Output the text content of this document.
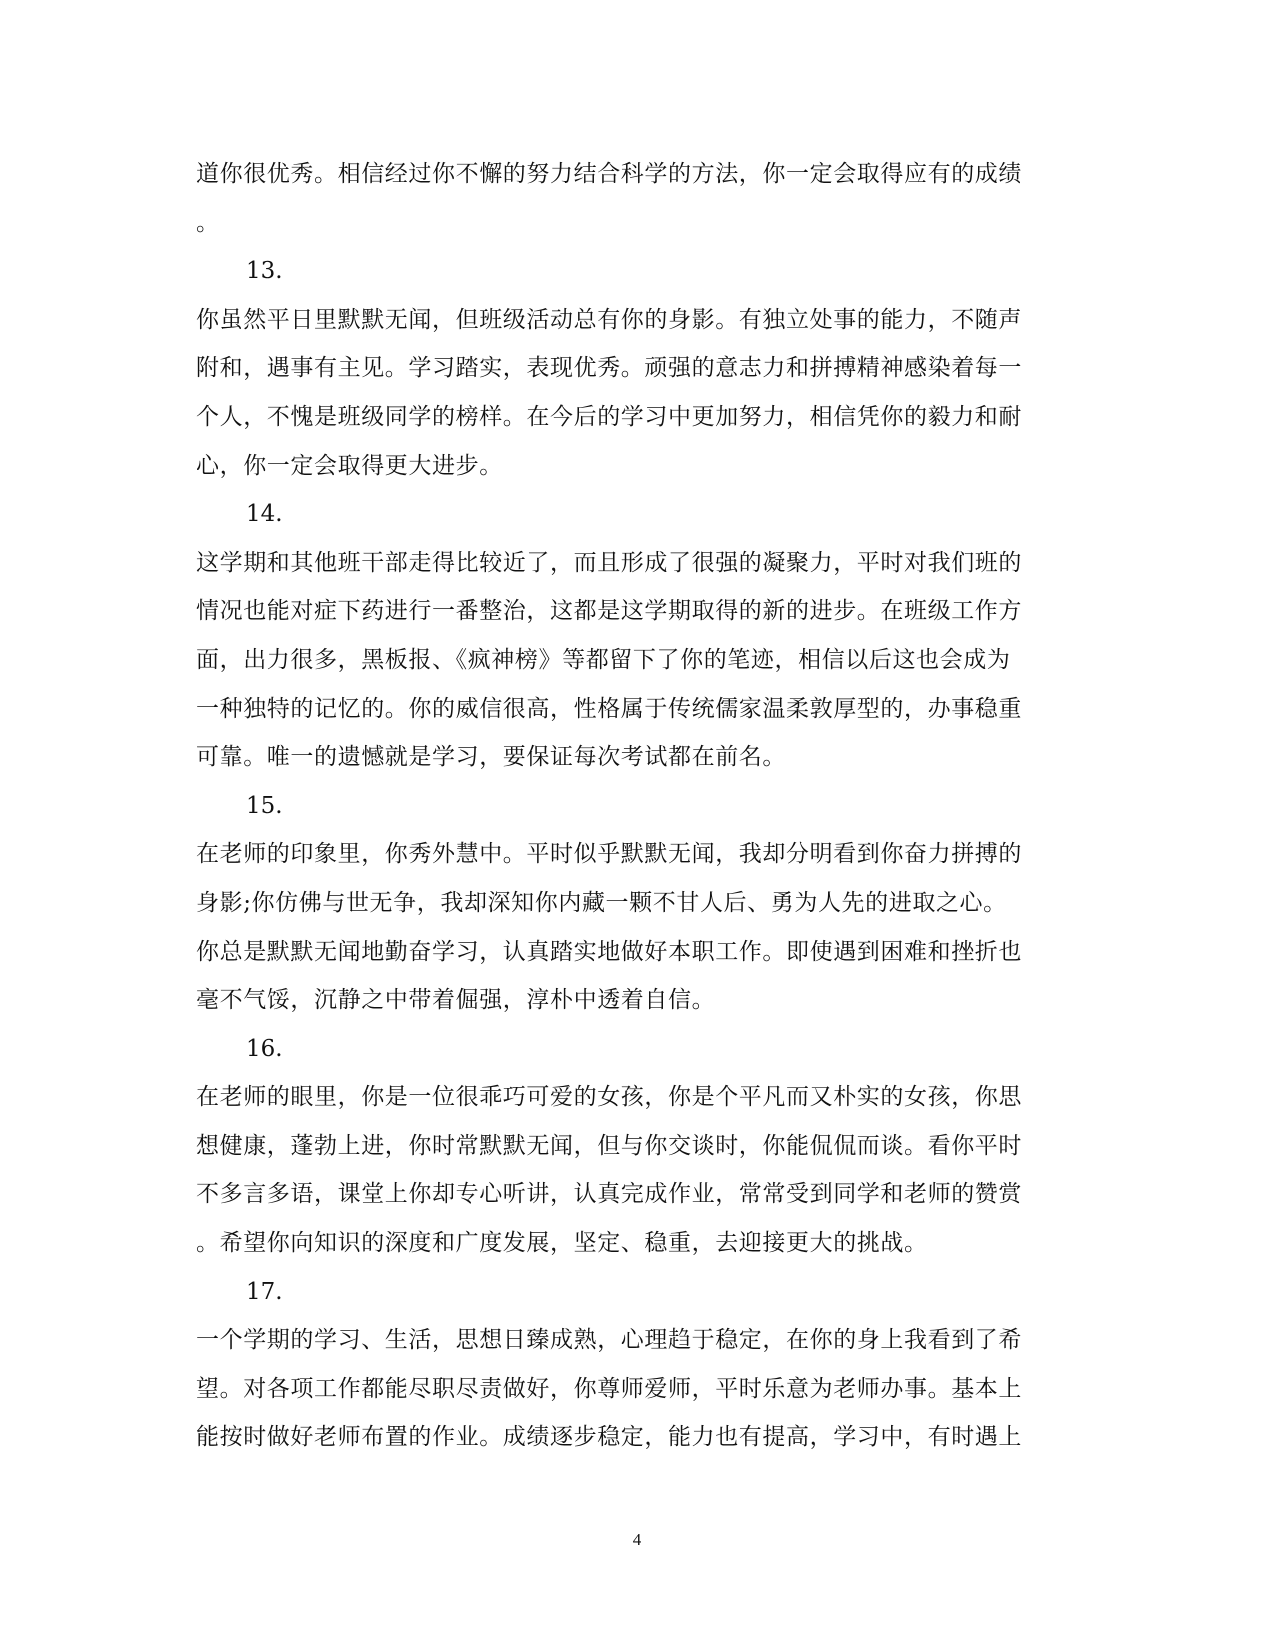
道你很优秀。相信经过你不懈的努力结合科学的方法，你一定会取得应有的成绩
。
13.
你虽然平日里默默无闻，但班级活动总有你的身影。有独立处事的能力，不随声
附和，遇事有主见。学习踏实，表现优秀。顽强的意志力和拼搏精神感染着每一
个人，不愧是班级同学的榜样。在今后的学习中更加努力，相信凭你的毅力和耐
心，你一定会取得更大进步。
14.
这学期和其他班干部走得比较近了，而且形成了很强的凝聚力，平时对我们班的
情况也能对症下药进行一番整治，这都是这学期取得的新的进步。在班级工作方
面，出力很多，黑板报、《疯神榜》等都留下了你的笔迹，相信以后这也会成为
一种独特的记忆的。你的威信很高，性格属于传统儒家温柔敦厚型的，办事稳重
可靠。唯一的遗憾就是学习，要保证每次考试都在前名。
15.
在老师的印象里，你秀外慧中。平时似乎默默无闻，我却分明看到你奋力拼搏的
身影;你仿佛与世无争，我却深知你内藏一颗不甘人后、勇为人先的进取之心。
你总是默默无闻地勤奋学习，认真踏实地做好本职工作。即使遇到困难和挫折也
毫不气馁，沉静之中带着倔强，淳朴中透着自信。
16.
在老师的眼里，你是一位很乖巧可爱的女孩，你是个平凡而又朴实的女孩，你思
想健康，蓬勃上进，你时常默默无闻，但与你交谈时，你能侃侃而谈。看你平时
不多言多语，课堂上你却专心听讲，认真完成作业，常常受到同学和老师的赞赏
。希望你向知识的深度和广度发展，坚定、稳重，去迎接更大的挑战。
17.
一个学期的学习、生活，思想日臻成熟，心理趋于稳定，在你的身上我看到了希
望。对各项工作都能尽职尽责做好，你尊师爱师，平时乐意为老师办事。基本上
能按时做好老师布置的作业。成绩逐步稳定，能力也有提高，学习中，有时遇上
4
